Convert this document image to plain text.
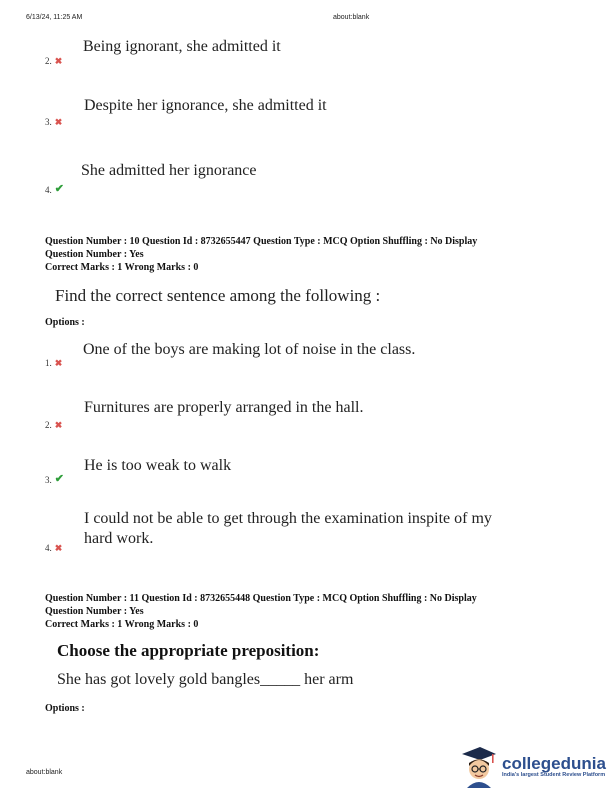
6/13/24, 11:25 AM	about:blank
Being ignorant, she admitted it
2. ✖
Despite her ignorance, she admitted it
3. ✖
She admitted her ignorance
4. ✔
Question Number : 10 Question Id : 8732655447 Question Type : MCQ Option Shuffling : No Display
Question Number : Yes
Correct Marks : 1 Wrong Marks : 0
Find the correct sentence among the following :
Options :
One of the boys are making lot of noise in the class.
1. ✖
Furnitures are properly arranged in the hall.
2. ✖
He is too weak to walk
3. ✔
I could not be able to get through the examination inspite of my
hard work.
4. ✖
Question Number : 11 Question Id : 8732655448 Question Type : MCQ Option Shuffling : No Display
Question Number : Yes
Correct Marks : 1 Wrong Marks : 0
Choose the appropriate preposition:
She has got lovely gold bangles_____ her arm
Options :
about:blank	collegedunia
India's largest Student Review Platform
